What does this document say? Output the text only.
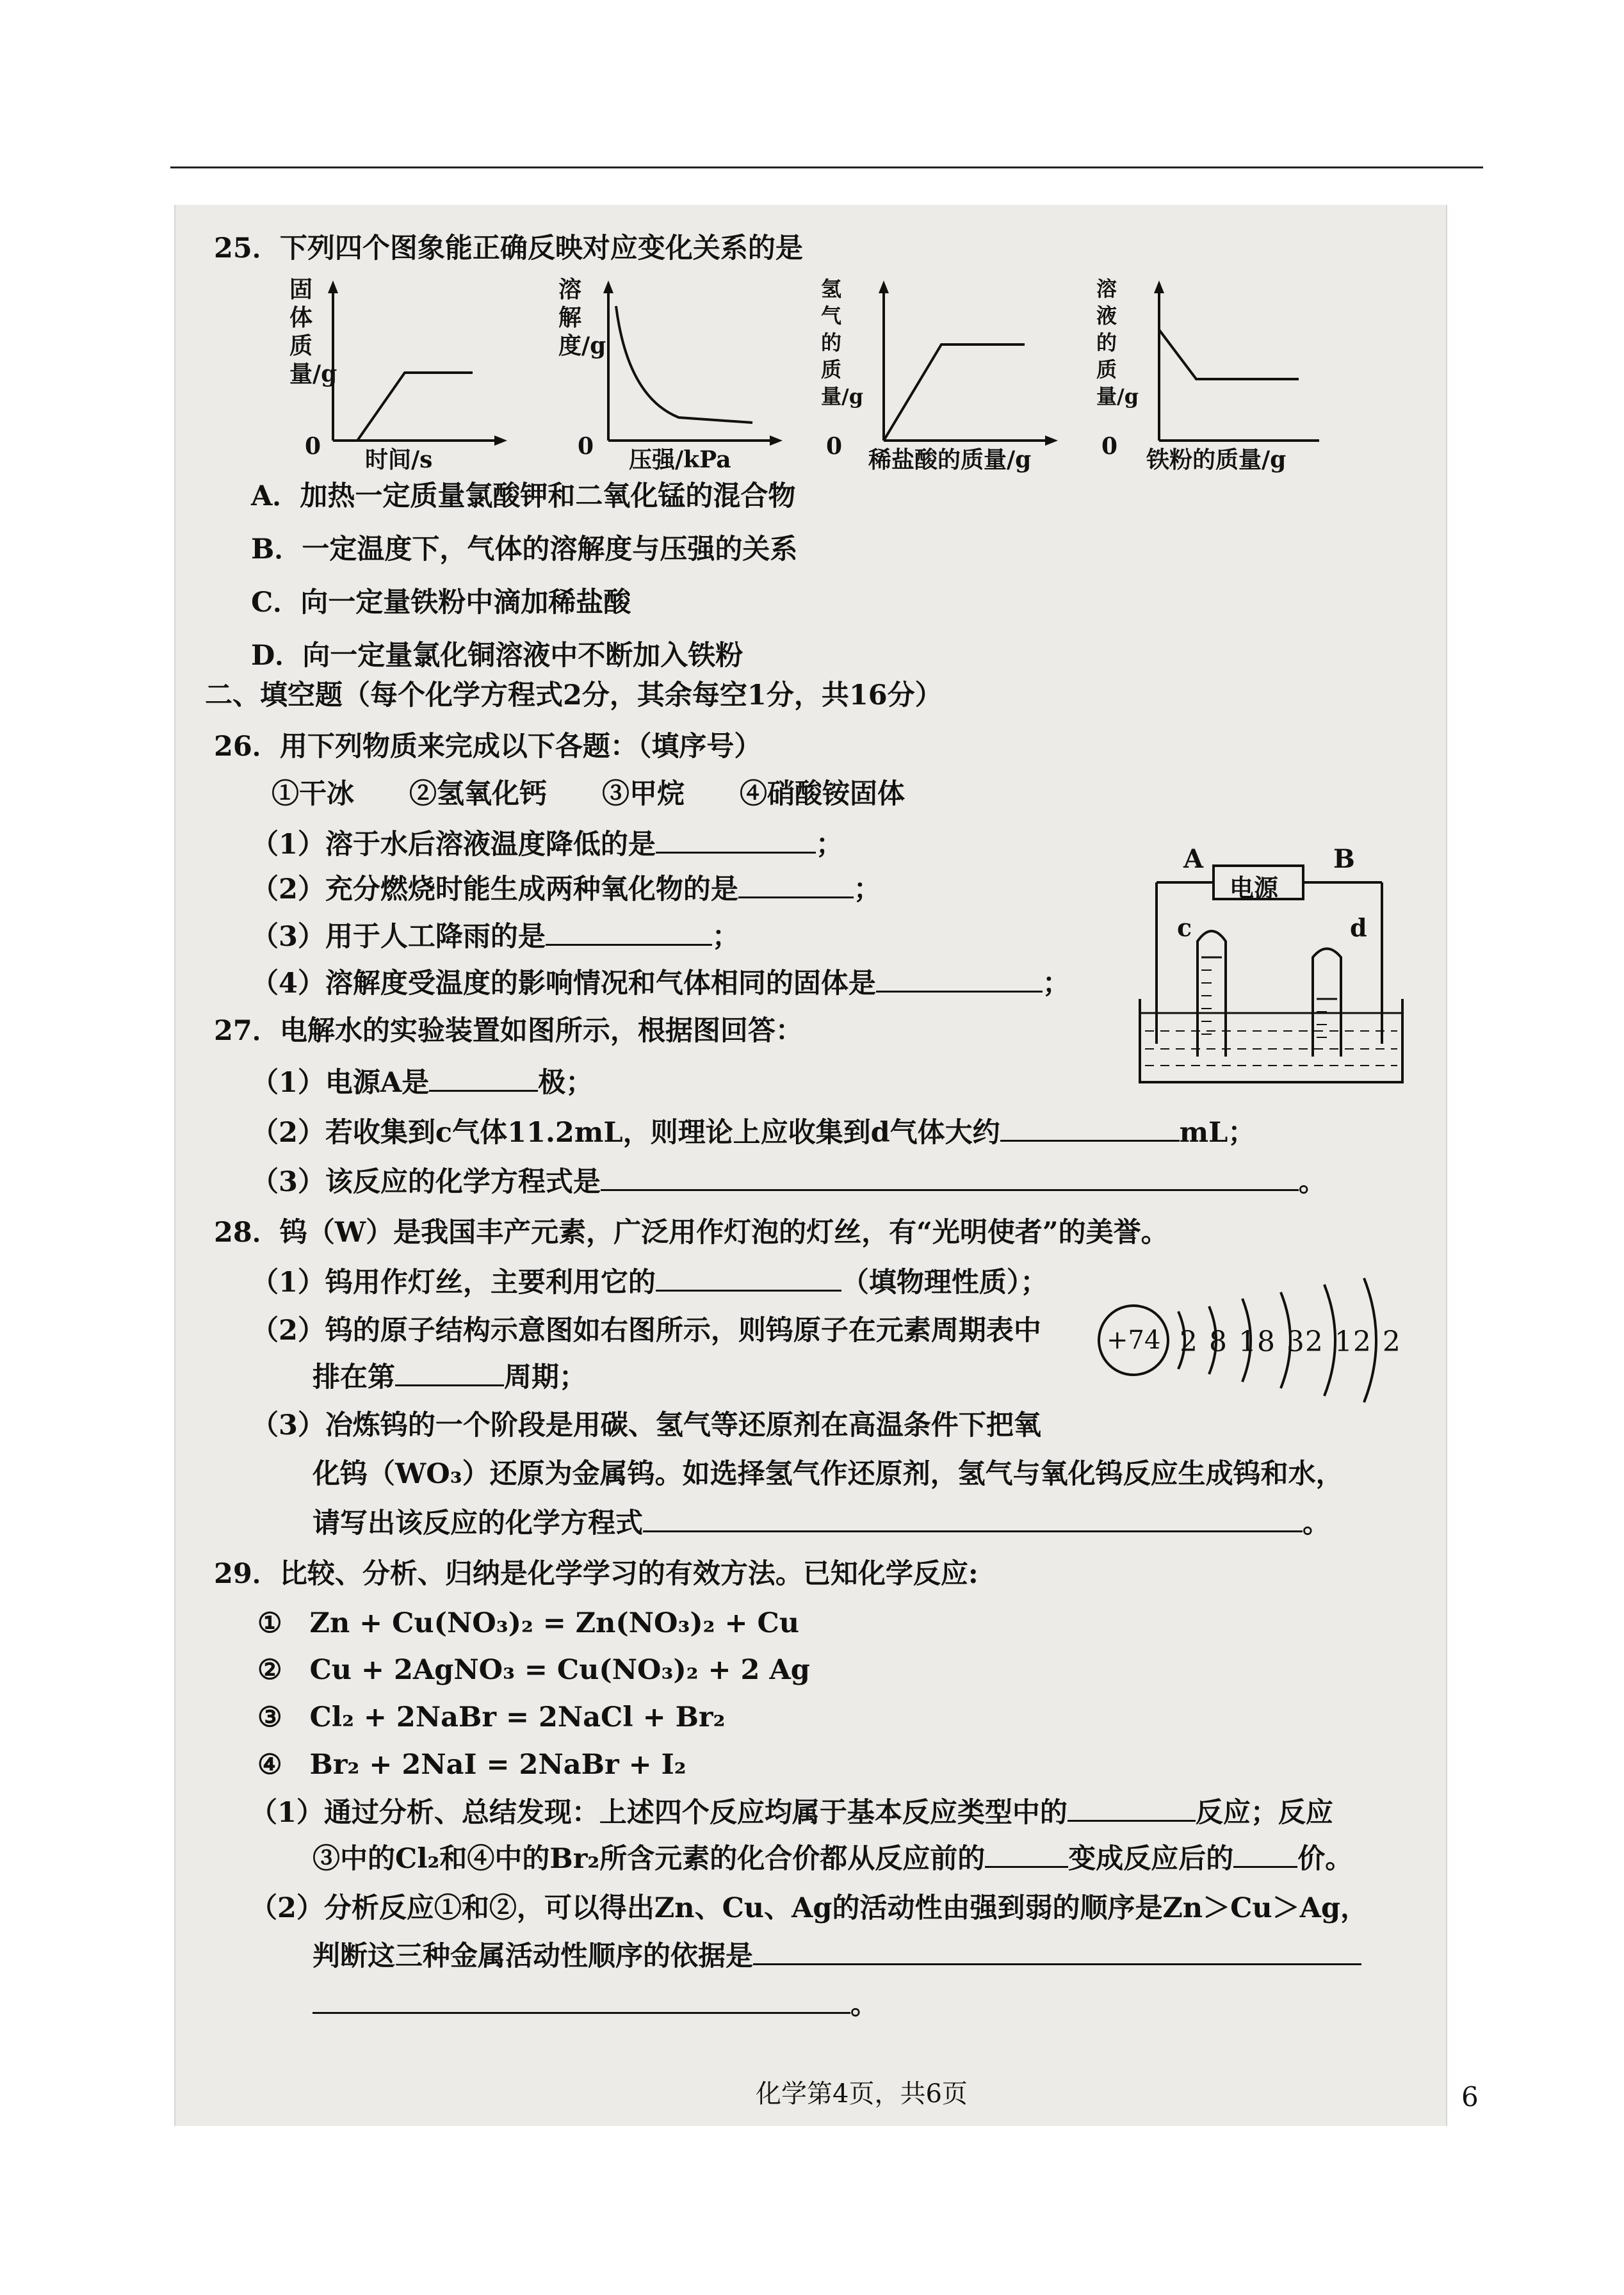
25．下列四个图象能正确反映对应变化关系的是
固体质量/g
0 时间/s
溶解度/g
0 压强/kPa
氢气的质量/g
0 稀盐酸的质量/g
溶液的质量/g
0 铁粉的质量/g
A．加热一定质量氯酸钾和二氧化锰的混合物
B．一定温度下，气体的溶解度与压强的关系
C．向一定量铁粉中滴加稀盐酸
D．向一定量氯化铜溶液中不断加入铁粉
二、填空题（每个化学方程式2分，其余每空1分，共16分）
26．用下列物质来完成以下各题：（填序号）
①干冰　　②氢氧化钙　　③甲烷　　④硝酸铵固体
（1）溶于水后溶液温度降低的是	；
（2）充分燃烧时能生成两种氧化物的是	；
（3）用于人工降雨的是	；
（4）溶解度受温度的影响情况和气体相同的固体是	；
A	B
电源
c	d
27．电解水的实验装置如图所示，根据图回答：
（1）电源A是	极；
（2）若收集到c气体11.2mL，则理论上应收集到d气体大约	mL；
（3）该反应的化学方程式是	。
28．钨（W）是我国丰产元素，广泛用作灯泡的灯丝，有“光明使者”的美誉。
（1）钨用作灯丝，主要利用它的	（填物理性质）；
（2）钨的原子结构示意图如右图所示，则钨原子在元素周期表中
排在第	周期；
+74 2 8 18 32 12 2
（3）冶炼钨的一个阶段是用碳、氢气等还原剂在高温条件下把氧
化钨（WO₃）还原为金属钨。如选择氢气作还原剂，氢气与氧化钨反应生成钨和水，
请写出该反应的化学方程式	。
29．比较、分析、归纳是化学学习的有效方法。已知化学反应:
①　Zn + Cu(NO₃)₂ = Zn(NO₃)₂ + Cu
②　Cu + 2AgNO₃ = Cu(NO₃)₂ + 2 Ag
③　Cl₂ + 2NaBr = 2NaCl + Br₂
④　Br₂ + 2NaI = 2NaBr + I₂
（1）通过分析、总结发现：上述四个反应均属于基本反应类型中的	反应；反应
③中的Cl₂和④中的Br₂所含元素的化合价都从反应前的	变成反应后的 价。
（2）分析反应①和②，可以得出Zn、Cu、Ag的活动性由强到弱的顺序是Zn＞Cu＞Ag，
判断这三种金属活动性顺序的依据是
。
化学第4页，共6页	6
